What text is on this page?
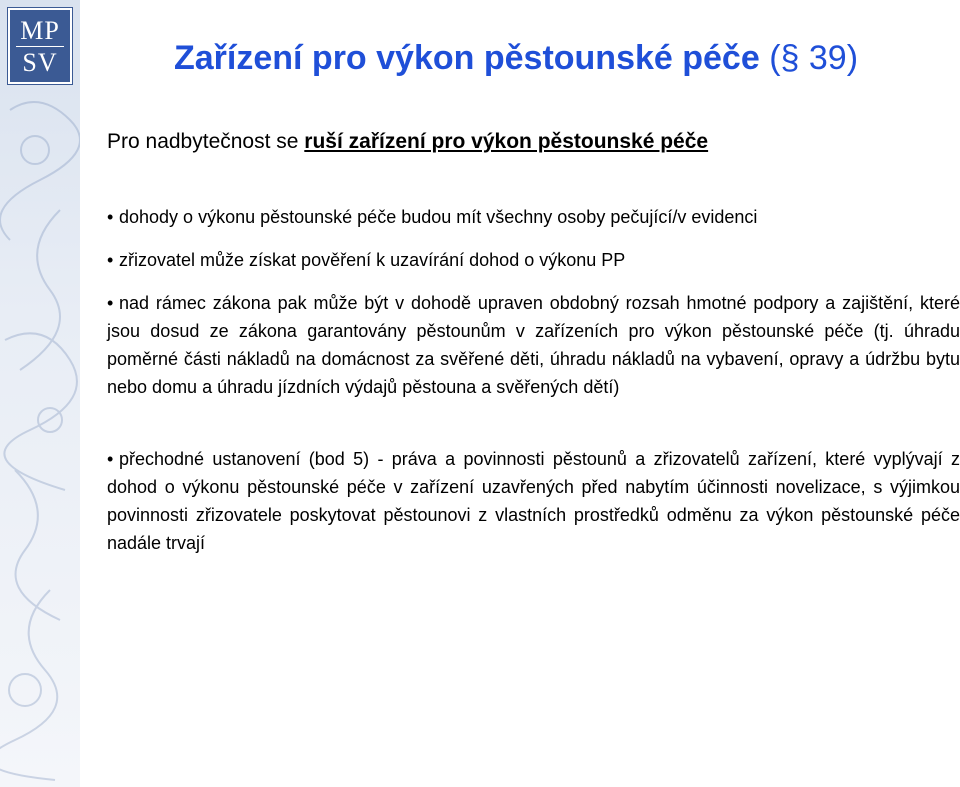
MP
SV	Zařízení pro výkon pěstounské péče (§ 39)

Pro nadbytečnost se ruší zařízení pro výkon pěstounské péče

• dohody o výkonu pěstounské péče budou mít všechny osoby pečující/v evidenci

• zřizovatel může získat pověření k uzavírání dohod o výkonu PP

• nad rámec zákona pak může být v dohodě upraven obdobný rozsah hmotné podpory a zajištění, které jsou dosud ze zákona garantovány pěstounům v zařízeních pro výkon pěstounské péče (tj. úhradu poměrné části nákladů na domácnost za svěřené děti, úhradu nákladů na vybavení, opravy a údržbu bytu nebo domu a úhradu jízdních výdajů pěstouna a svěřených dětí)

• přechodné ustanovení (bod 5) - práva a povinnosti pěstounů a zřizovatelů zařízení, které vyplývají z dohod o výkonu pěstounské péče v zařízení uzavřených před nabytím účinnosti novelizace, s výjimkou povinnosti zřizovatele poskytovat pěstounovi z vlastních prostředků odměnu za výkon pěstounské péče nadále trvají
